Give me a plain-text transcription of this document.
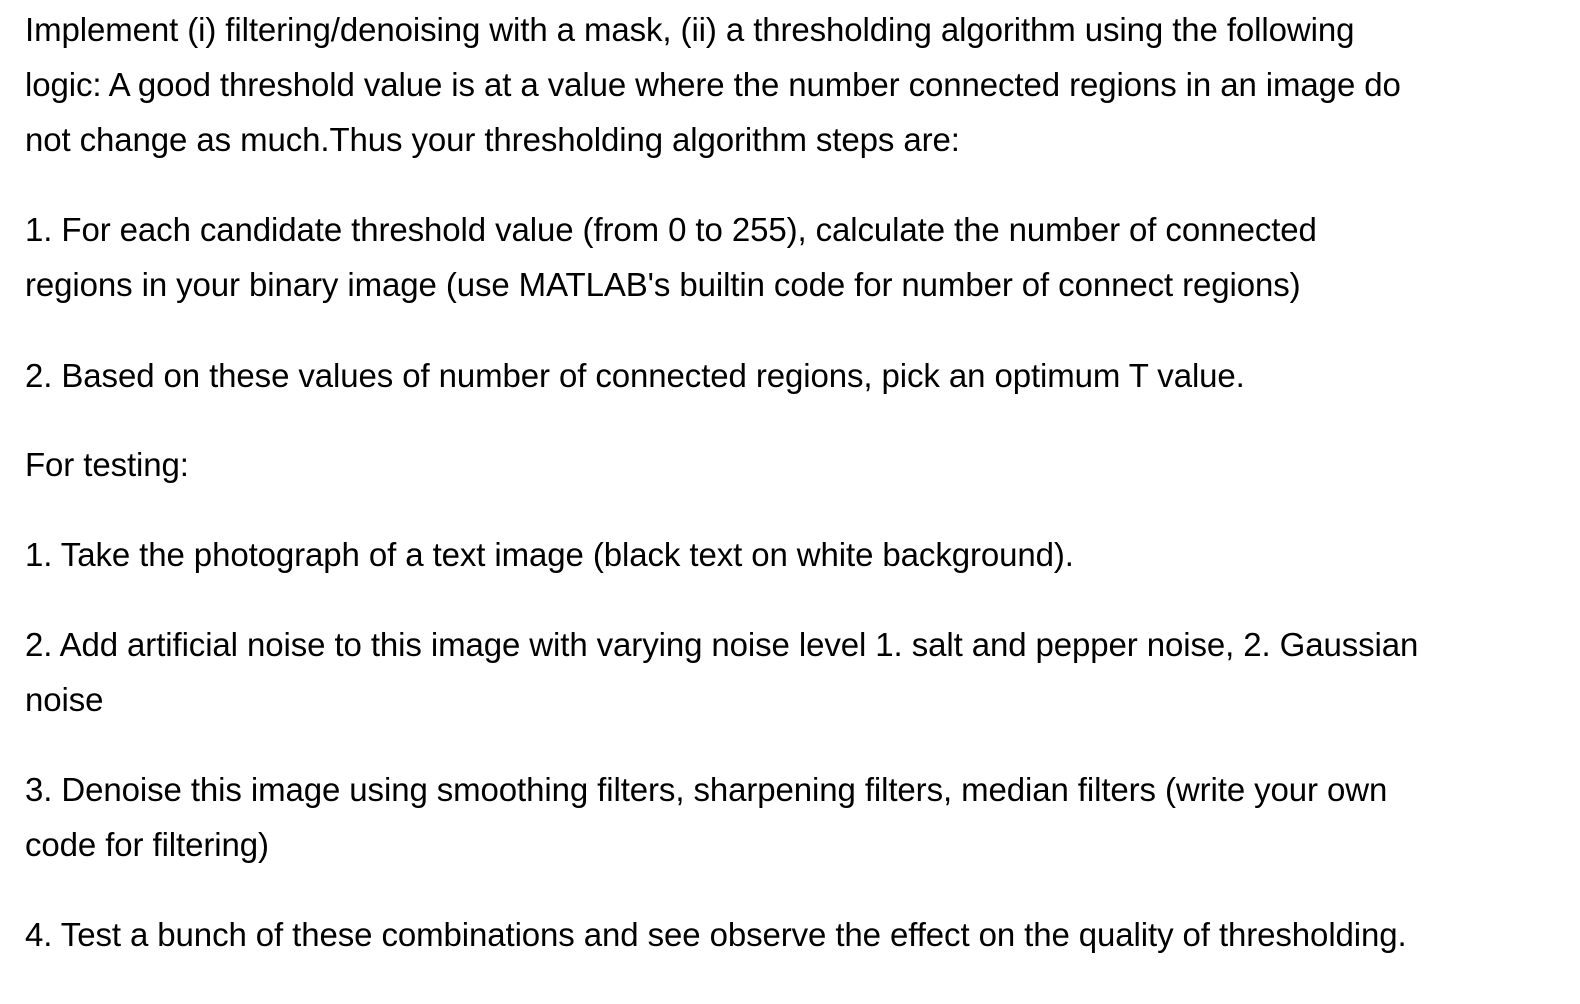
Implement (i) filtering/denoising with a mask, (ii) a thresholding algorithm using the following
logic: A good threshold value is at a value where the number connected regions in an image do
not change as much.Thus your thresholding algorithm steps are:

1. For each candidate threshold value (from 0 to 255), calculate the number of connected
regions in your binary image (use MATLAB's builtin code for number of connect regions)

2. Based on these values of number of connected regions, pick an optimum T value.

For testing:

1. Take the photograph of a text image (black text on white background).

2. Add artificial noise to this image with varying noise level 1. salt and pepper noise, 2. Gaussian
noise

3. Denoise this image using smoothing filters, sharpening filters, median filters (write your own
code for filtering)

4. Test a bunch of these combinations and see observe the effect on the quality of thresholding.
